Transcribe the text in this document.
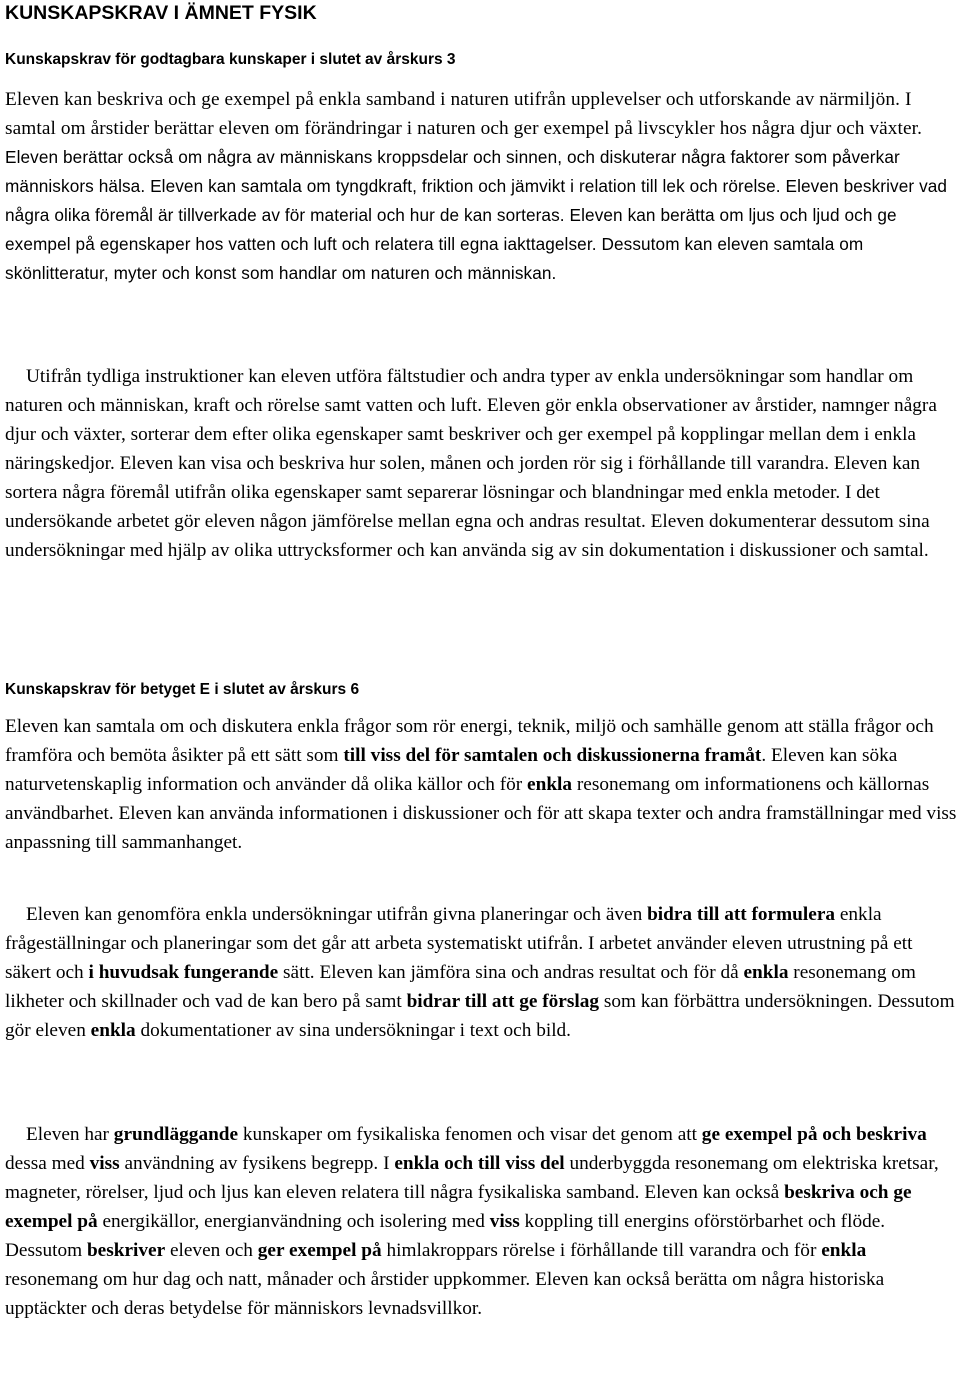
KUNSKAPSKRAV I ÄMNET FYSIK
Kunskapskrav för godtagbara kunskaper i slutet av årskurs 3

Eleven kan beskriva och ge exempel på enkla samband i naturen utifrån upplevelser och utforskande av närmiljön. I samtal om årstider berättar eleven om förändringar i naturen och ger exempel på livscykler hos några djur och växter. Eleven berättar också om några av människans kroppsdelar och sinnen, och diskuterar några faktorer som påverkar människors hälsa. Eleven kan samtala om tyngdkraft, friktion och jämvikt i relation till lek och rörelse. Eleven beskriver vad några olika föremål är tillverkade av för material och hur de kan sorteras. Eleven kan berätta om ljus och ljud och ge exempel på egenskaper hos vatten och luft och relatera till egna iakttagelser. Dessutom kan eleven samtala om skönlitteratur, myter och konst som handlar om naturen och människan.

Utifrån tydliga instruktioner kan eleven utföra fältstudier och andra typer av enkla undersökningar som handlar om naturen och människan, kraft och rörelse samt vatten och luft. Eleven gör enkla observationer av årstider, namnger några djur och växter, sorterar dem efter olika egenskaper samt beskriver och ger exempel på kopplingar mellan dem i enkla näringskedjor. Eleven kan visa och beskriva hur solen, månen och jorden rör sig i förhållande till varandra. Eleven kan sortera några föremål utifrån olika egenskaper samt separerar lösningar och blandningar med enkla metoder. I det undersökande arbetet gör eleven någon jämförelse mellan egna och andras resultat. Eleven dokumenterar dessutom sina undersökningar med hjälp av olika uttrycksformer och kan använda sig av sin dokumentation i diskussioner och samtal.

Kunskapskrav för betyget E i slutet av årskurs 6

Eleven kan samtala om och diskutera enkla frågor som rör energi, teknik, miljö och samhälle genom att ställa frågor och framföra och bemöta åsikter på ett sätt som till viss del för samtalen och diskussionerna framåt. Eleven kan söka naturvetenskaplig information och använder då olika källor och för enkla resonemang om informationens och källornas användbarhet. Eleven kan använda informationen i diskussioner och för att skapa texter och andra framställningar med viss anpassning till sammanhanget.

Eleven kan genomföra enkla undersökningar utifrån givna planeringar och även bidra till att formulera enkla frågeställningar och planeringar som det går att arbeta systematiskt utifrån. I arbetet använder eleven utrustning på ett säkert och i huvudsak fungerande sätt. Eleven kan jämföra sina och andras resultat och för då enkla resonemang om likheter och skillnader och vad de kan bero på samt bidrar till att ge förslag som kan förbättra undersökningen. Dessutom gör eleven enkla dokumentationer av sina undersökningar i text och bild.

Eleven har grundläggande kunskaper om fysikaliska fenomen och visar det genom att ge exempel på och beskriva dessa med viss användning av fysikens begrepp. I enkla och till viss del underbyggda resonemang om elektriska kretsar, magneter, rörelser, ljud och ljus kan eleven relatera till några fysikaliska samband. Eleven kan också beskriva och ge exempel på energikällor, energianvändning och isolering med viss koppling till energins oförstörbarhet och flöde. Dessutom beskriver eleven och ger exempel på himlakroppars rörelse i förhållande till varandra och för enkla resonemang om hur dag och natt, månader och årstider uppkommer. Eleven kan också berätta om några historiska upptäckter och deras betydelse för människors levnadsvillkor.
